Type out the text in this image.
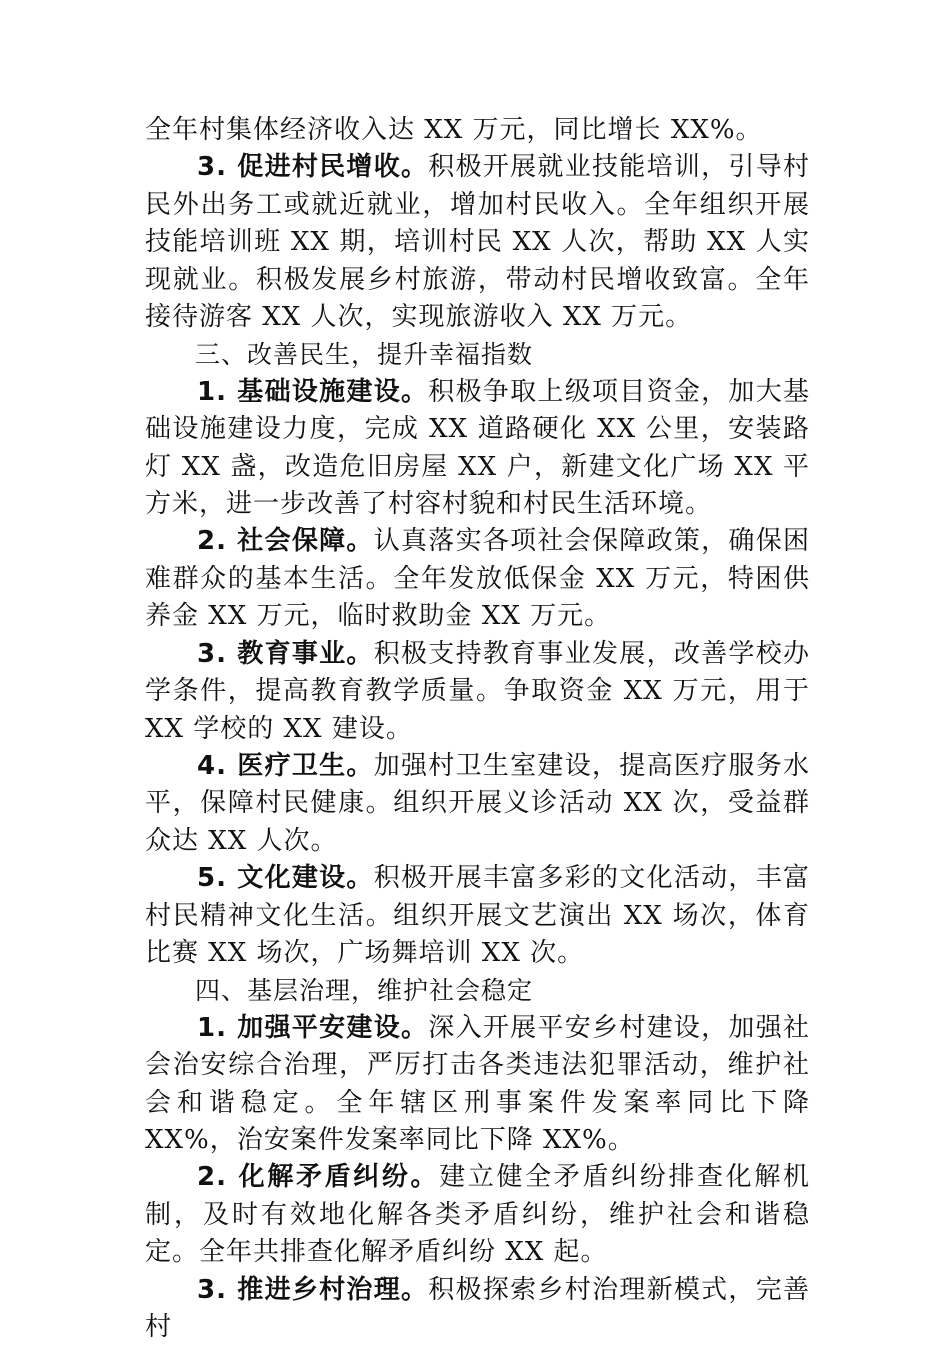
全年村集体经济收入达 XX 万元，同比增长 XX%。

3. 促进村民增收。积极开展就业技能培训，引导村民外出务工或就近就业，增加村民收入。全年组织开展技能培训班 XX 期，培训村民 XX 人次，帮助 XX 人实现就业。积极发展乡村旅游，带动村民增收致富。全年接待游客 XX 人次，实现旅游收入 XX 万元。

三、改善民生，提升幸福指数

1. 基础设施建设。积极争取上级项目资金，加大基础设施建设力度，完成 XX 道路硬化 XX 公里，安装路灯 XX 盏，改造危旧房屋 XX 户，新建文化广场 XX 平方米，进一步改善了村容村貌和村民生活环境。

2. 社会保障。认真落实各项社会保障政策，确保困难群众的基本生活。全年发放低保金 XX 万元，特困供养金 XX 万元，临时救助金 XX 万元。

3. 教育事业。积极支持教育事业发展，改善学校办学条件，提高教育教学质量。争取资金 XX 万元，用于 XX 学校的 XX 建设。

4. 医疗卫生。加强村卫生室建设，提高医疗服务水平，保障村民健康。组织开展义诊活动 XX 次，受益群众达 XX 人次。

5. 文化建设。积极开展丰富多彩的文化活动，丰富村民精神文化生活。组织开展文艺演出 XX 场次，体育比赛 XX 场次，广场舞培训 XX 次。

四、基层治理，维护社会稳定

1. 加强平安建设。深入开展平安乡村建设，加强社会治安综合治理，严厉打击各类违法犯罪活动，维护社会和谐稳定。全年辖区刑事案件发案率同比下降 XX%，治安案件发案率同比下降 XX%。

2. 化解矛盾纠纷。建立健全矛盾纠纷排查化解机制，及时有效地化解各类矛盾纠纷，维护社会和谐稳定。全年共排查化解矛盾纠纷 XX 起。

3. 推进乡村治理。积极探索乡村治理新模式，完善村
